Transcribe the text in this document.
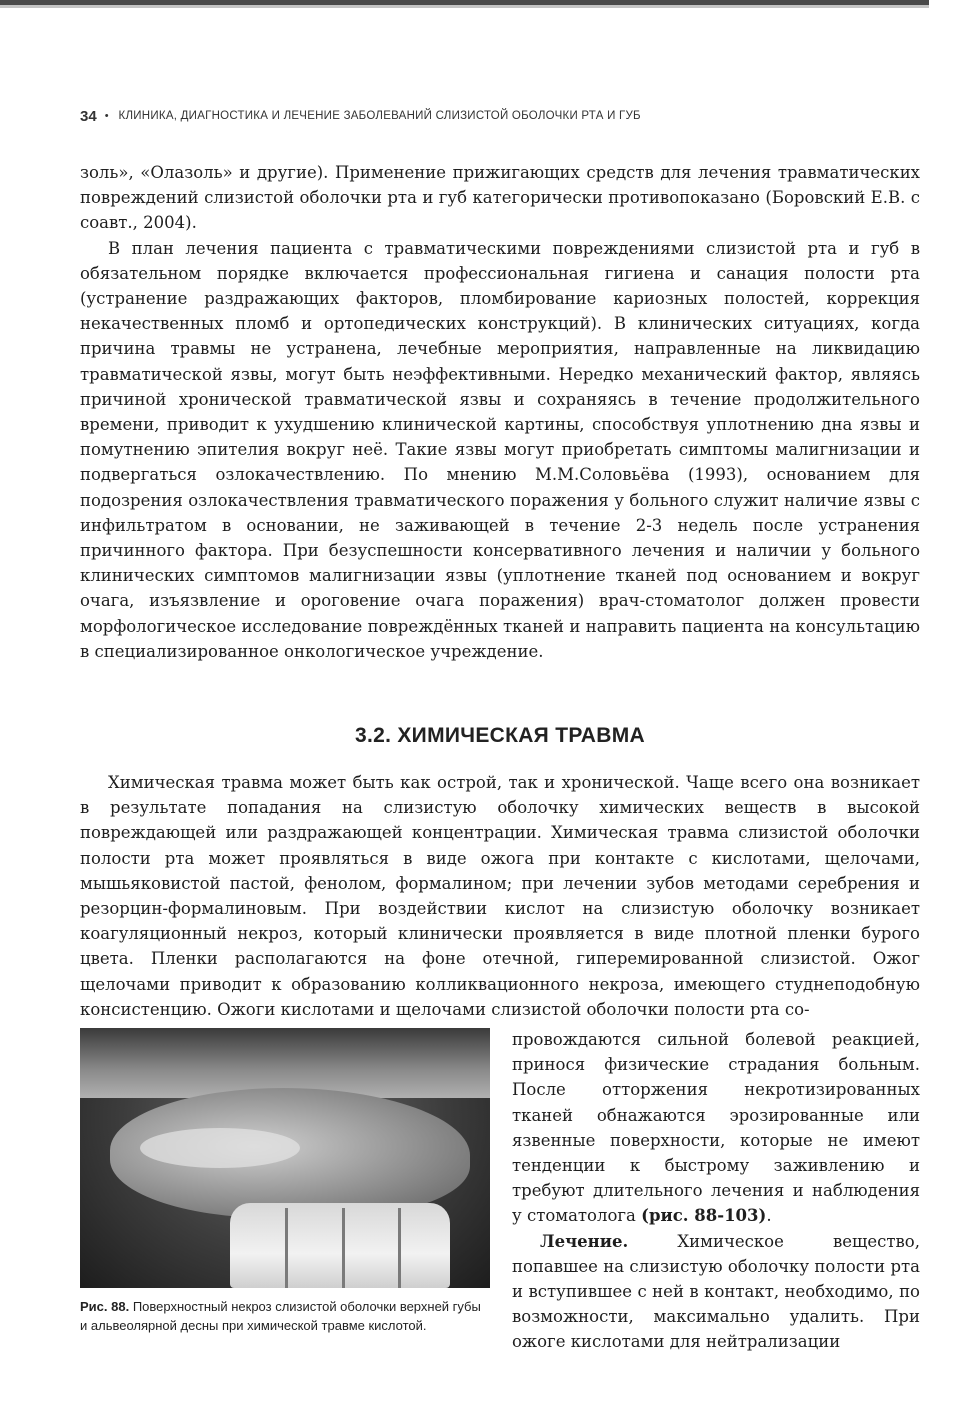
34 • КЛИНИКА, ДИАГНОСТИКА И ЛЕЧЕНИЕ ЗАБОЛЕВАНИЙ СЛИЗИСТОЙ ОБОЛОЧКИ РТА И ГУБ

золь», «Олазоль» и другие). Применение прижигающих средств для лечения травматических повреждений слизистой оболочки рта и губ категорически противопоказано (Боровский Е.В. с соавт., 2004).

В план лечения пациента с травматическими повреждениями слизистой рта и губ в обязательном порядке включается профессиональная гигиена и санация полости рта (устранение раздражающих факторов, пломбирование кариозных полостей, коррекция некачественных пломб и ортопедических конструкций). В клинических ситуациях, когда причина травмы не устранена, лечебные мероприятия, направленные на ликвидацию травматической язвы, могут быть неэффективными. Нередко механический фактор, являясь причиной хронической травматической язвы и сохраняясь в течение продолжительного времени, приводит к ухудшению клинической картины, способствуя уплотнению дна язвы и помутнению эпителия вокруг неё. Такие язвы могут приобретать симптомы малигнизации и подвергаться озлокачествлению. По мнению М.М.Соловьёва (1993), основанием для подозрения озлокачествления травматического поражения у больного служит наличие язвы с инфильтратом в основании, не заживающей в течение 2-3 недель после устранения причинного фактора. При безуспешности консервативного лечения и наличии у больного клинических симптомов малигнизации язвы (уплотнение тканей под основанием и вокруг очага, изъязвление и ороговение очага поражения) врач-стоматолог должен провести морфологическое исследование повреждённых тканей и направить пациента на консультацию в специализированное онкологическое учреждение.

3.2. ХИМИЧЕСКАЯ ТРАВМА

Химическая травма может быть как острой, так и хронической. Чаще всего она возникает в результате попадания на слизистую оболочку химических веществ в высокой повреждающей или раздражающей концентрации. Химическая травма слизистой оболочки полости рта может проявляться в виде ожога при контакте с кислотами, щелочами, мышьяковистой пастой, фенолом, формалином; при лечении зубов методами серебрения и резорцин-формалиновым. При воздействии кислот на слизистую оболочку возникает коагуляционный некроз, который клинически проявляется в виде плотной пленки бурого цвета. Пленки располагаются на фоне отечной, гиперемированной слизистой. Ожог щелочами приводит к образованию колликвационного некроза, имеющего студнеподобную консистенцию. Ожоги кислотами и щелочами слизистой оболочки полости рта со-

Рис. 88. Поверхностный некроз слизистой оболочки верхней губы и альвеолярной десны при химической травме кислотой.

провождаются сильной болевой реакцией, принося физические страдания больным. После отторжения некротизированных тканей обнажаются эрозированные или язвенные поверхности, которые не имеют тенденции к быстрому заживлению и требуют длительного лечения и наблюдения у стоматолога (рис. 88-103).

Лечение. Химическое вещество, попавшее на слизистую оболочку полости рта и вступившее с ней в контакт, необходимо, по возможности, максимально удалить. При ожоге кислотами для нейтрализации
